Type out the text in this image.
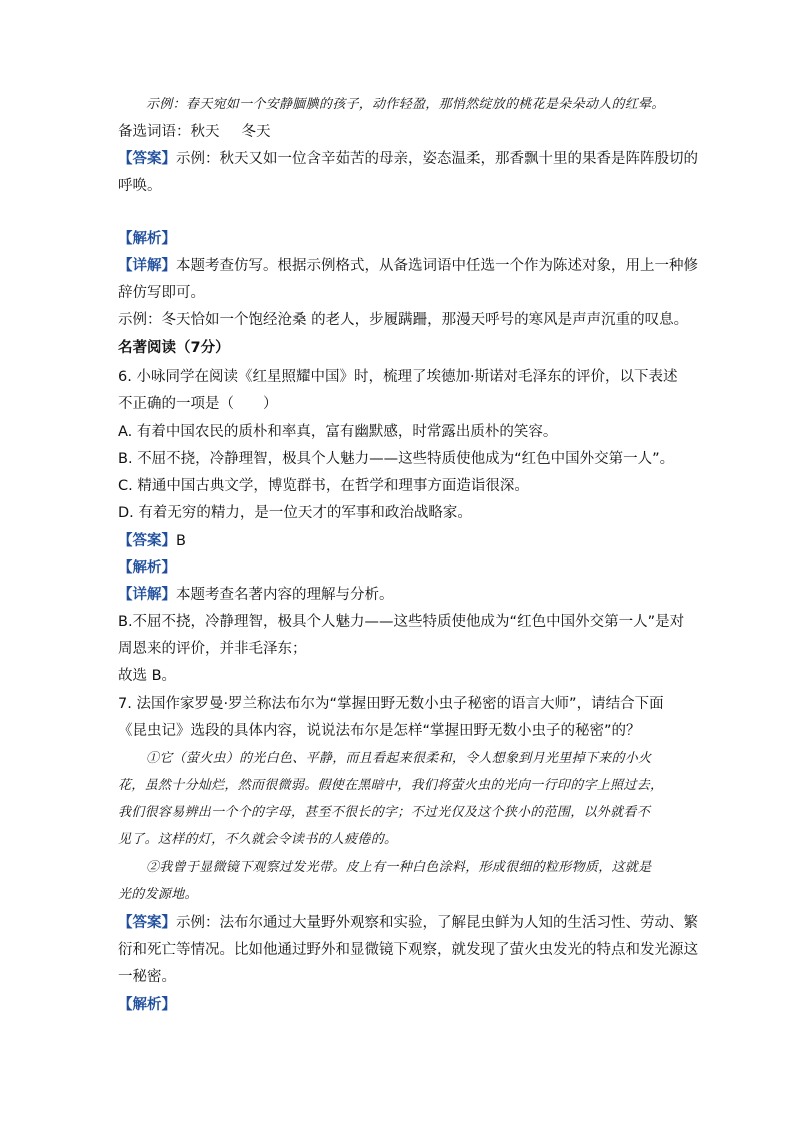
示例：春天宛如一个安静腼腆的孩子，动作轻盈，那悄然绽放的桃花是朵朵动人的红晕。
备选词语：秋天 冬天
【答案】示例：秋天又如一位含辛茹苦的母亲，姿态温柔，那香飘十里的果香是阵阵殷切的
呼唤。
【解析】
【详解】本题考查仿写。根据示例格式，从备选词语中任选一个作为陈述对象，用上一种修
辞仿写即可。
示例：冬天恰如一个饱经沧桑 的老人，步履蹒跚，那漫天呼号的寒风是声声沉重的叹息。
名著阅读（7分）
6. 小咏同学在阅读《红星照耀中国》时，梳理了埃德加·斯诺对毛泽东的评价，以下表述
不正确的一项是（　　）
A. 有着中国农民的质朴和率真，富有幽默感，时常露出质朴的笑容。
B. 不屈不挠，冷静理智，极具个人魅力——这些特质使他成为“红色中国外交第一人”。
C. 精通中国古典文学，博览群书，在哲学和理事方面造诣很深。
D. 有着无穷的精力，是一位天才的军事和政治战略家。
【答案】B
【解析】
【详解】本题考查名著内容的理解与分析。
B.不屈不挠，冷静理智，极具个人魅力——这些特质使他成为“红色中国外交第一人”是对
周恩来的评价，并非毛泽东；
故选 B。
7. 法国作家罗曼·罗兰称法布尔为“掌握田野无数小虫子秘密的语言大师”，请结合下面
《昆虫记》选段的具体内容，说说法布尔是怎样“掌握田野无数小虫子的秘密”的？
①它（萤火虫）的光白色、平静，而且看起来很柔和，令人想象到月光里掉下来的小火
花，虽然十分灿烂，然而很微弱。假使在黑暗中，我们将萤火虫的光向一行印的字上照过去，
我们很容易辨出一个个的字母，甚至不很长的字；不过光仅及这个狭小的范围，以外就看不
见了。这样的灯，不久就会令读书的人疲倦的。
②我曾于显微镜下观察过发光带。皮上有一种白色涂料，形成很细的粒形物质，这就是
光的发源地。
【答案】示例：法布尔通过大量野外观察和实验，了解昆虫鲜为人知的生活习性、劳动、繁
衍和死亡等情况。比如他通过野外和显微镜下观察，就发现了萤火虫发光的特点和发光源这
一秘密。
【解析】
